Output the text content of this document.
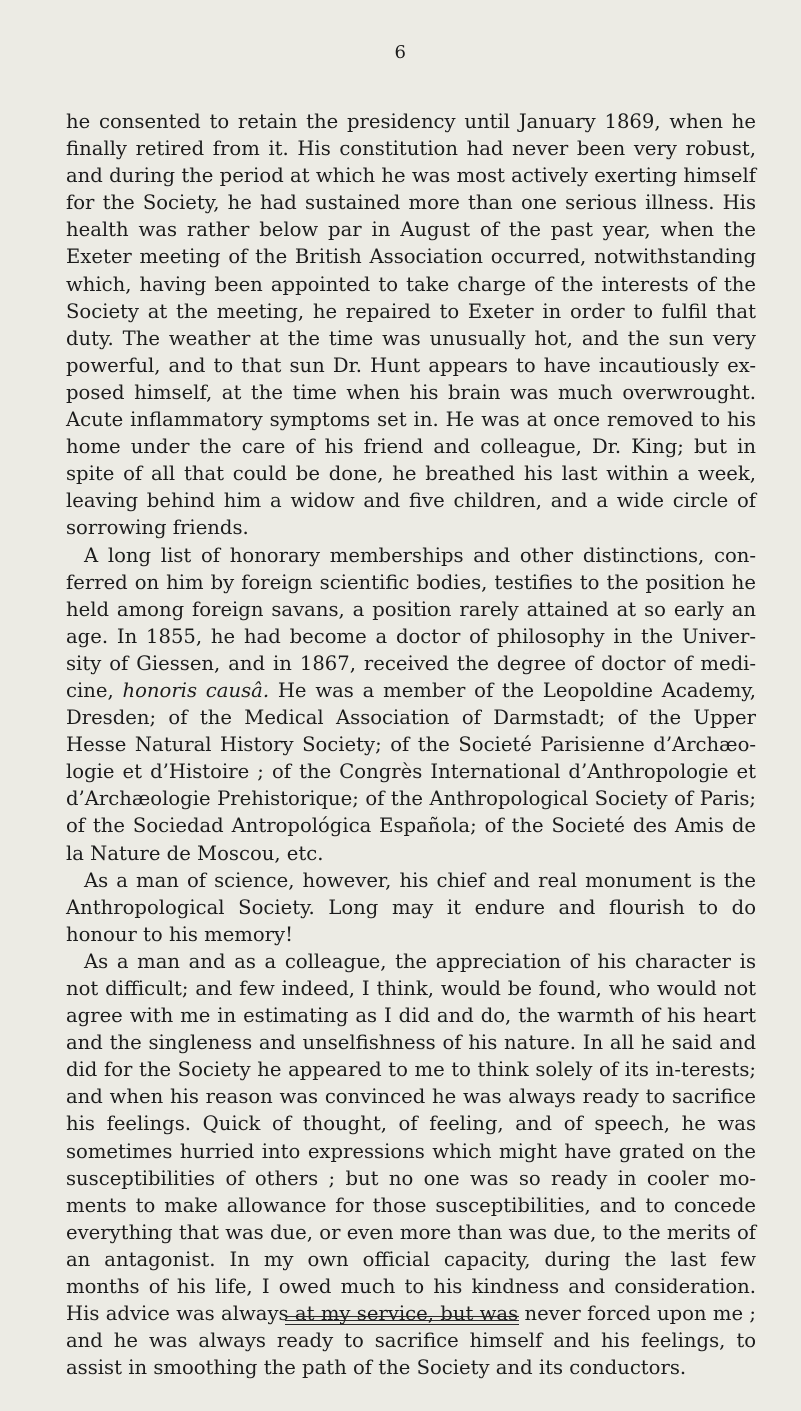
6

he consented to retain the presidency until January 1869, when he finally retired from it. His constitution had never been very robust, and during the period at which he was most actively exerting himself for the Society, he had sustained more than one serious illness. His health was rather below par in August of the past year, when the Exeter meeting of the British Association occurred, notwithstanding which, having been appointed to take charge of the interests of the Society at the meeting, he repaired to Exeter in order to fulfil that duty. The weather at the time was unusually hot, and the sun very powerful, and to that sun Dr. Hunt appears to have incautiously ex-posed himself, at the time when his brain was much overwrought. Acute inflammatory symptoms set in. He was at once removed to his home under the care of his friend and colleague, Dr. King; but in spite of all that could be done, he breathed his last within a week, leaving behind him a widow and five children, and a wide circle of sorrowing friends.

A long list of honorary memberships and other distinctions, con-ferred on him by foreign scientific bodies, testifies to the position he held among foreign savans, a position rarely attained at so early an age. In 1855, he had become a doctor of philosophy in the Univer-sity of Giessen, and in 1867, received the degree of doctor of medi-cine, honoris causâ. He was a member of the Leopoldine Academy, Dresden; of the Medical Association of Darmstadt; of the Upper Hesse Natural History Society; of the Societé Parisienne d’Archæo-logie et d’Histoire ; of the Congrès International d’Anthropologie et d’Archæologie Prehistorique; of the Anthropological Society of Paris; of the Sociedad Antropológica Española; of the Societé des Amis de la Nature de Moscou, etc.

As a man of science, however, his chief and real monument is the Anthropological Society. Long may it endure and flourish to do honour to his memory!

As a man and as a colleague, the appreciation of his character is not difficult; and few indeed, I think, would be found, who would not agree with me in estimating as I did and do, the warmth of his heart and the singleness and unselfishness of his nature. In all he said and did for the Society he appeared to me to think solely of its in-terests; and when his reason was convinced he was always ready to sacrifice his feelings. Quick of thought, of feeling, and of speech, he was sometimes hurried into expressions which might have grated on the susceptibilities of others ; but no one was so ready in cooler mo-ments to make allowance for those susceptibilities, and to concede everything that was due, or even more than was due, to the merits of an antagonist. In my own official capacity, during the last few months of his life, I owed much to his kindness and consideration. His advice was always at my service, but was never forced upon me ; and he was always ready to sacrifice himself and his feelings, to assist in smoothing the path of the Society and its conductors.
